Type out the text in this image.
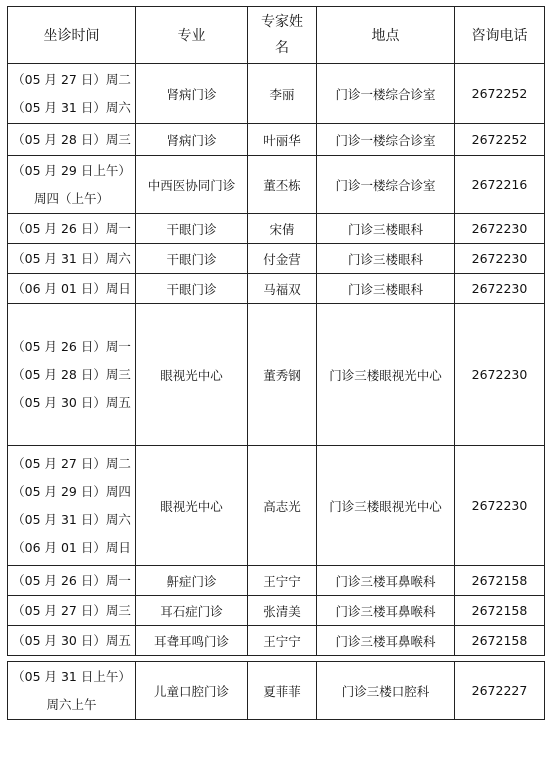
坐诊时间	专业	专家姓名	地点	咨询电话

（05 月 27 日）周二
（05 月 31 日）周六	肾病门诊	李丽	门诊一楼综合诊室	2672252

（05 月 28 日）周三	肾病门诊	叶丽华	门诊一楼综合诊室	2672252

（05 月 29 日上午）
周四（上午）	中西医协同门诊	董丕栋	门诊一楼综合诊室	2672216

（05 月 26 日）周一	干眼门诊	宋倩	门诊三楼眼科	2672230

（05 月 31 日）周六	干眼门诊	付金营	门诊三楼眼科	2672230

（06 月 01 日）周日	干眼门诊	马福双	门诊三楼眼科	2672230

（05 月 26 日）周一
（05 月 28 日）周三
（05 月 30 日）周五	眼视光中心	董秀钢	门诊三楼眼视光中心	2672230

（05 月 27 日）周二
（05 月 29 日）周四
（05 月 31 日）周六
（06 月 01 日）周日	眼视光中心	高志光	门诊三楼眼视光中心	2672230

（05 月 26 日）周一	鼾症门诊	王宁宁	门诊三楼耳鼻喉科	2672158

（05 月 27 日）周三	耳石症门诊	张清美	门诊三楼耳鼻喉科	2672158

（05 月 30 日）周五	耳聋耳鸣门诊	王宁宁	门诊三楼耳鼻喉科	2672158

（05 月 31 日上午）
周六上午	儿童口腔门诊	夏菲菲	门诊三楼口腔科	2672227
